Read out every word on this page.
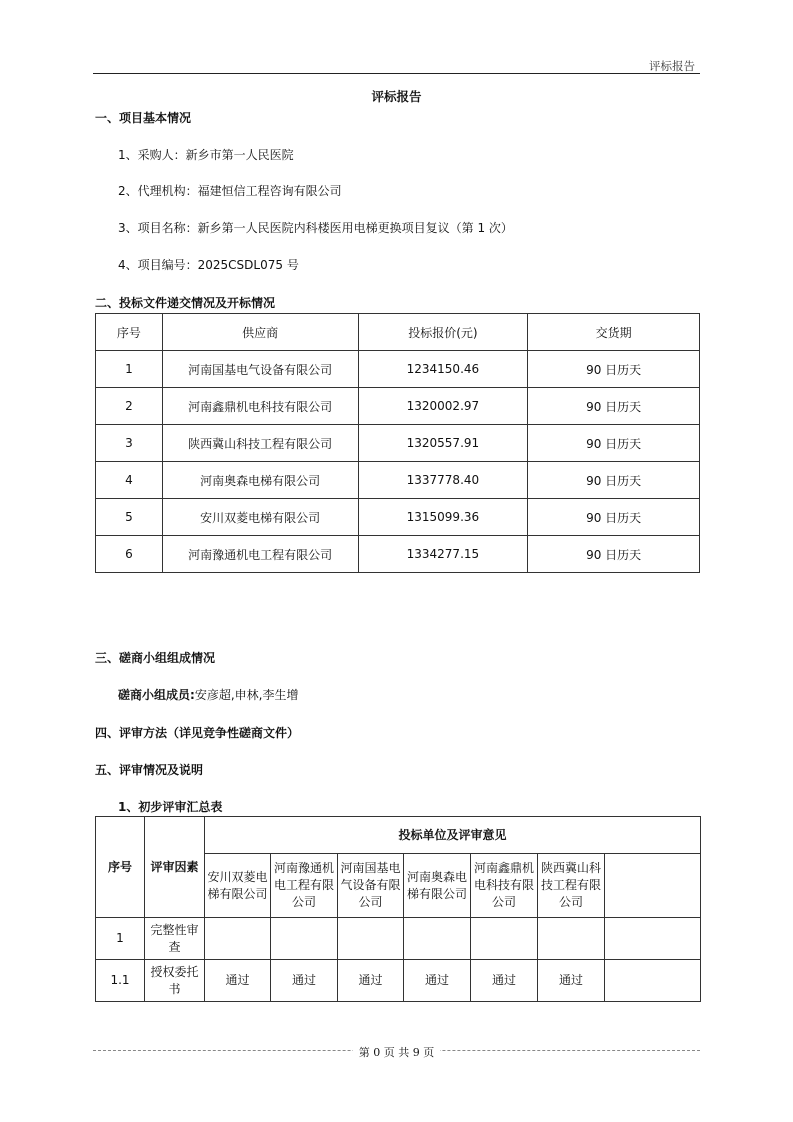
评标报告
评标报告
一、项目基本情况
1、采购人：新乡市第一人民医院
2、代理机构：福建恒信工程咨询有限公司
3、项目名称：新乡第一人民医院内科楼医用电梯更换项目复议（第 1 次）
4、项目编号：2025CSDL075 号
二、投标文件递交情况及开标情况
序号	供应商	投标报价(元)	交货期
1	河南国基电气设备有限公司	1234150.46	90 日历天
2	河南鑫鼎机电科技有限公司	1320002.97	90 日历天
3	陕西冀山科技工程有限公司	1320557.91	90 日历天
4	河南奥森电梯有限公司	1337778.40	90 日历天
5	安川双菱电梯有限公司	1315099.36	90 日历天
6	河南豫通机电工程有限公司	1334277.15	90 日历天
三、磋商小组组成情况
磋商小组成员:安彦超,申林,李生增
四、评审方法（详见竞争性磋商文件）
五、评审情况及说明
1、初步评审汇总表
序号	评审因素	投标单位及评审意见						
		安川双菱电梯有限公司	河南豫通机电工程有限公司	河南国基电气设备有限公司	河南奥森电梯有限公司	河南鑫鼎机电科技有限公司	陕西冀山科技工程有限公司	
1	完整性审查							
1.1	授权委托书	通过	通过	通过	通过	通过	通过	
第 0 页 共 9 页
